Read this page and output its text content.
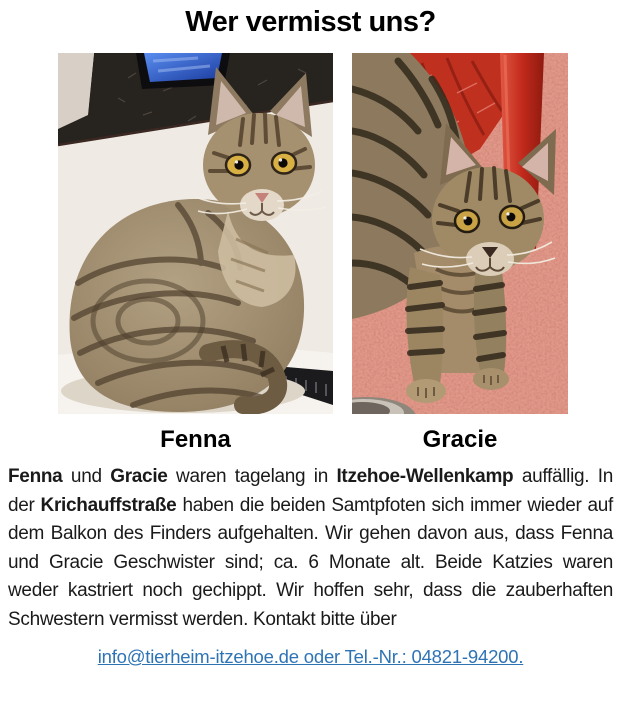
Wer vermisst uns?
Fenna	Gracie

Fenna und Gracie waren tagelang in Itzehoe-Wellenkamp auffällig. In der Krichauffstraße haben die beiden Samtpfoten sich immer wieder auf dem Balkon des Finders aufgehalten. Wir gehen davon aus, dass Fenna und Gracie Geschwister sind; ca. 6 Monate alt. Beide Katzies waren weder kastriert noch gechippt. Wir hoffen sehr, dass die zauberhaften Schwestern vermisst werden. Kontakt bitte über

info@tierheim-itzehoe.de oder Tel.-Nr.: 04821-94200.
